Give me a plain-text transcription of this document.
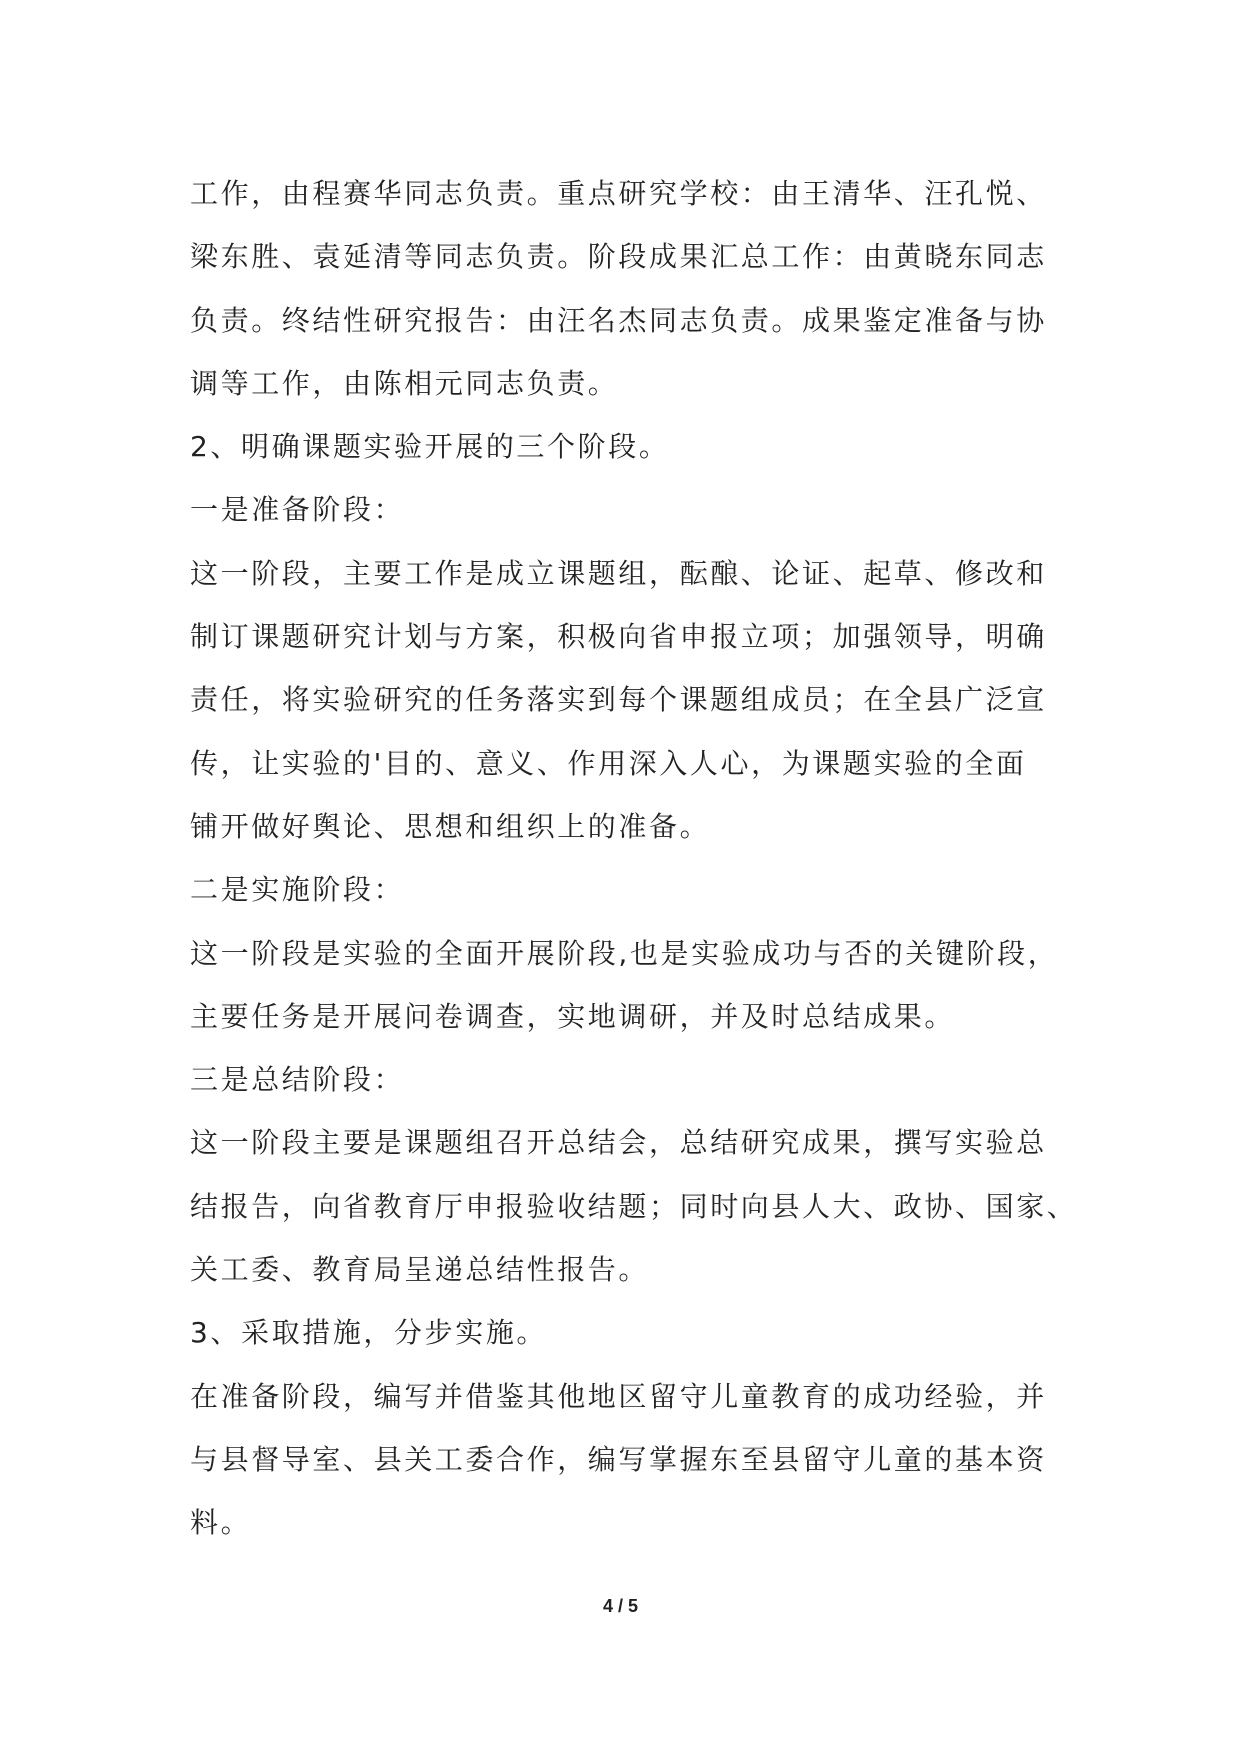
工作，由程赛华同志负责。重点研究学校：由王清华、汪孔悦、
梁东胜、袁延清等同志负责。阶段成果汇总工作：由黄晓东同志
负责。终结性研究报告：由汪名杰同志负责。成果鉴定准备与协
调等工作，由陈相元同志负责。
2、明确课题实验开展的三个阶段。
一是准备阶段：
这一阶段，主要工作是成立课题组，酝酿、论证、起草、修改和
制订课题研究计划与方案，积极向省申报立项；加强领导，明确
责任，将实验研究的任务落实到每个课题组成员；在全县广泛宣
传，让实验的'目的、意义、作用深入人心，为课题实验的全面
铺开做好舆论、思想和组织上的准备。
二是实施阶段：
这一阶段是实验的全面开展阶段,也是实验成功与否的关键阶段，
主要任务是开展问卷调查，实地调研，并及时总结成果。
三是总结阶段：
这一阶段主要是课题组召开总结会，总结研究成果，撰写实验总
结报告，向省教育厅申报验收结题；同时向县人大、政协、国家、
关工委、教育局呈递总结性报告。
3、采取措施，分步实施。
在准备阶段，编写并借鉴其他地区留守儿童教育的成功经验，并
与县督导室、县关工委合作，编写掌握东至县留守儿童的基本资
料。
4 / 5
